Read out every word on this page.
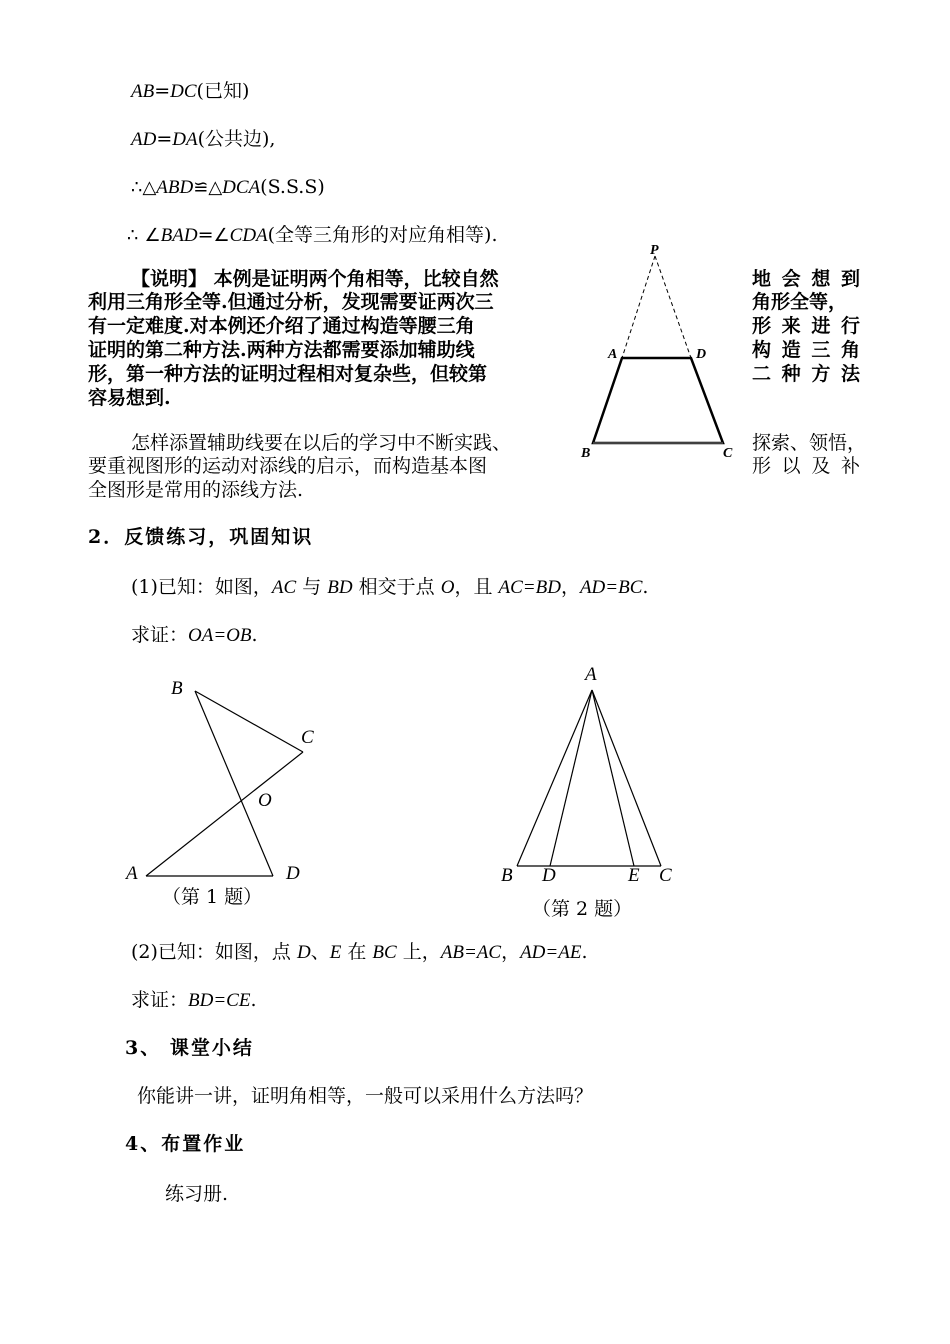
AB=DC(已知)
AD=DA(公共边),
∴△ABD≌△DCA(S.S.S)
∴ ∠BAD=∠CDA(全等三角形的对应角相等).
【说明】 本例是证明两个角相等，比较自然
利用三角形全等.但通过分析，发现需要证两次三
有一定难度.对本例还介绍了通过构造等腰三角
证明的第二种方法.两种方法都需要添加辅助线
形，第一种方法的证明过程相对复杂些，但较第
容易想到.
地会想到
角形全等，
形来进行
构造三角
二种方法
怎样添置辅助线要在以后的学习中不断实践、
要重视图形的运动对添线的启示，而构造基本图
全图形是常用的添线方法.
探索、领悟，
形以及补
P
A	D
B	C
2．反馈练习，巩固知识
(1)已知：如图，AC 与 BD 相交于点 O，且 AC=BD，AD=BC.
求证：OA=OB.
B
C
O
A	D
（第 1 题）
A
B D	E C
（第 2 题）
(2)已知：如图，点 D、E 在 BC 上，AB=AC，AD=AE.
求证：BD=CE.
3、 课堂小结
你能讲一讲，证明角相等，一般可以采用什么方法吗？
4、布置作业
练习册.
